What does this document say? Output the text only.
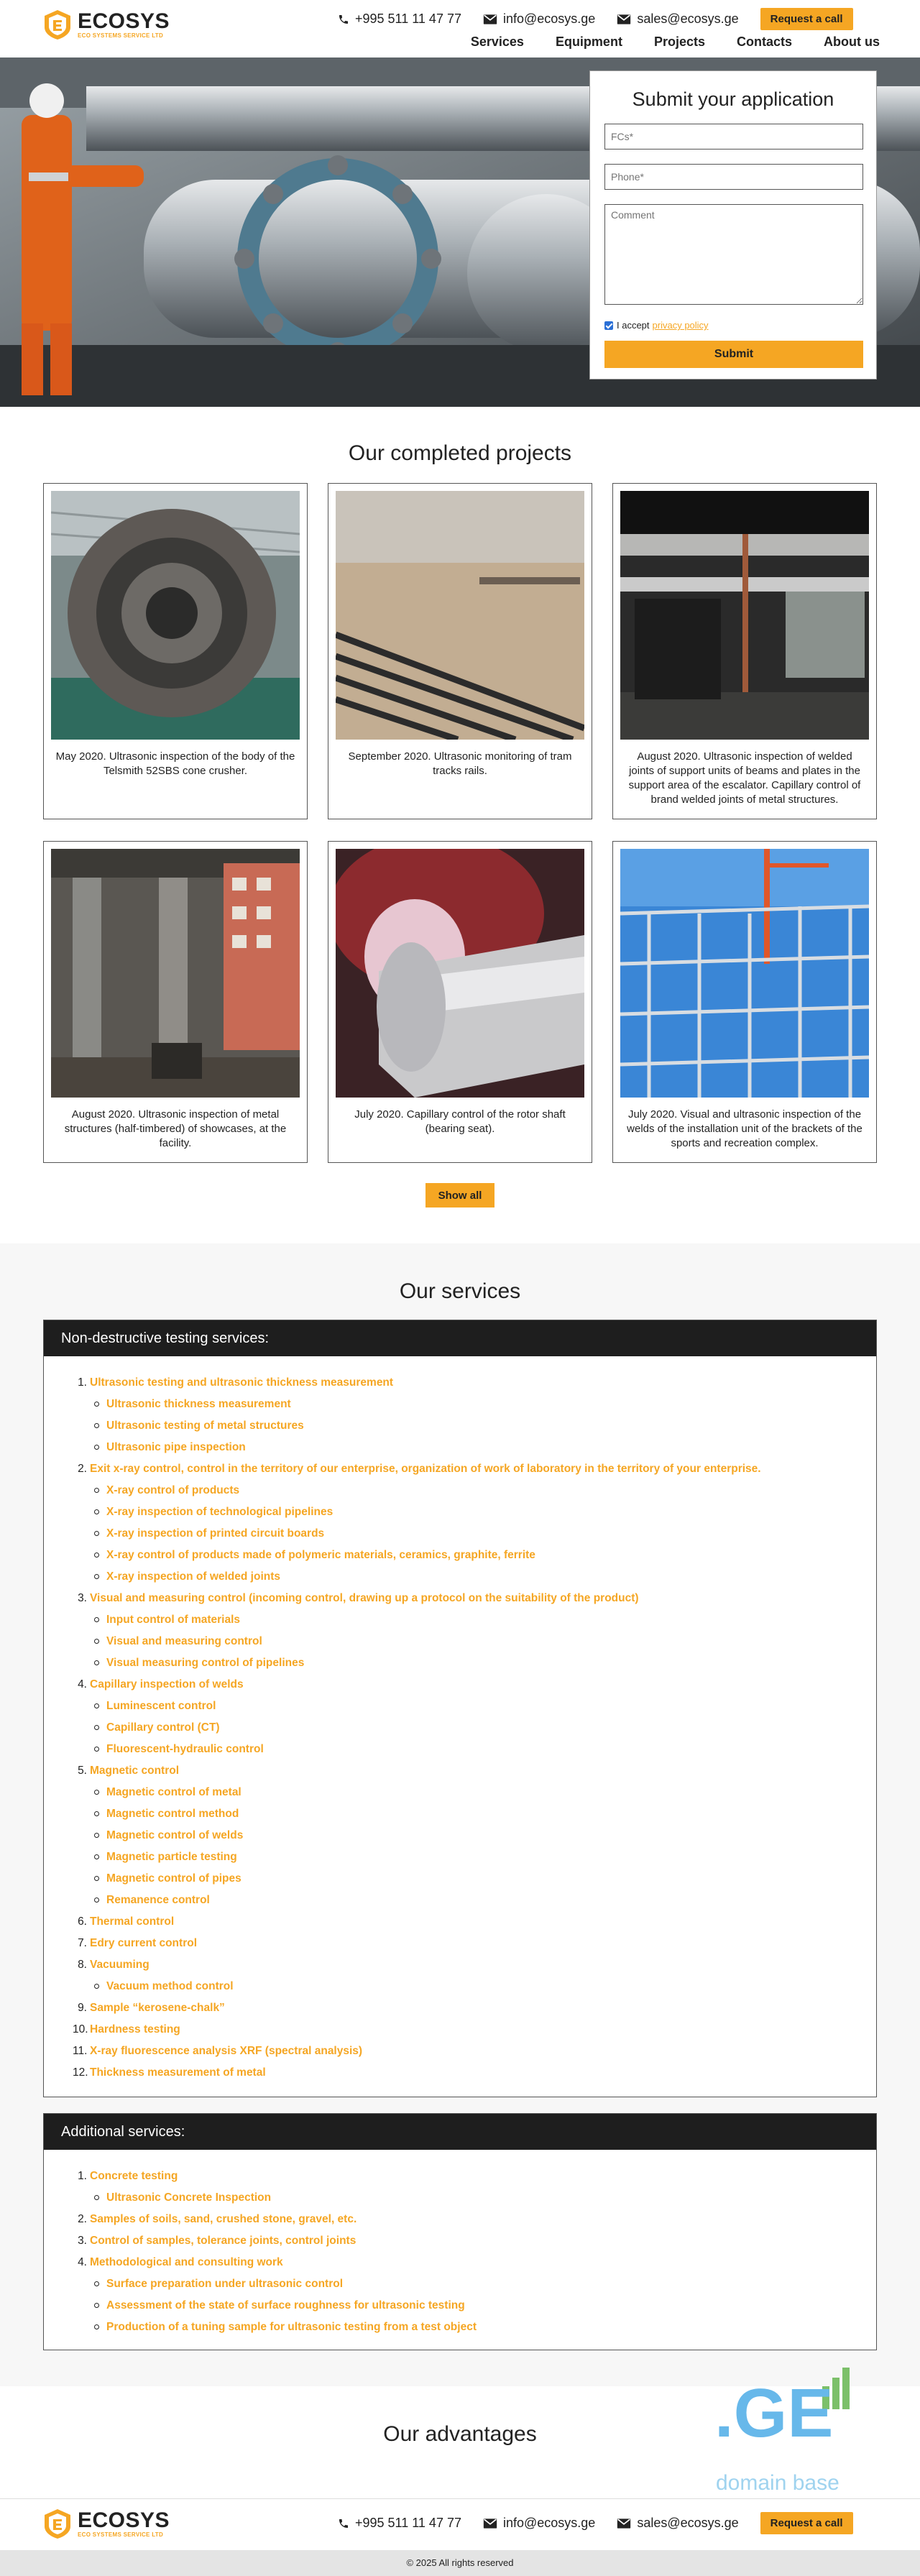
ECOSYS
ECO SYSTEMS SERVICE LTD
+995 511 11 47 77	info@ecosys.ge	sales@ecosys.ge	Request a call
Services Equipment Projects Contacts About us
Submit your application
FCs* Phone* Comment
I accept privacy policy
Submit
Our completed projects
May 2020. Ultrasonic inspection of the body of the Telsmith 52SBS cone crusher.
September 2020. Ultrasonic monitoring of tram tracks rails.
August 2020. Ultrasonic inspection of welded joints of support units of beams and plates in the support area of the escalator. Capillary control of brand welded joints of metal structures.
August 2020. Ultrasonic inspection of metal structures (half-timbered) of showcases, at the facility.
July 2020. Capillary control of the rotor shaft (bearing seat).
July 2020. Visual and ultrasonic inspection of the welds of the installation unit of the brackets of the sports and recreation complex.
Show all
Our services
Non-destructive testing services:
1. Ultrasonic testing and ultrasonic thickness measurement
Ultrasonic thickness measurement
Ultrasonic testing of metal structures
Ultrasonic pipe inspection
2. Exit x-ray control, control in the territory of our enterprise, organization of work of laboratory in the territory of your enterprise.
X-ray control of products
X-ray inspection of technological pipelines
X-ray inspection of printed circuit boards
X-ray control of products made of polymeric materials, ceramics, graphite, ferrite
X-ray inspection of welded joints
3. Visual and measuring control (incoming control, drawing up a protocol on the suitability of the product)
Input control of materials
Visual and measuring control
Visual measuring control of pipelines
4. Capillary inspection of welds
Luminescent control
Capillary control (CT)
Fluorescent-hydraulic control
5. Magnetic control
Magnetic control of metal
Magnetic control method
Magnetic control of welds
Magnetic particle testing
Magnetic control of pipes
Remanence control
6. Thermal control
7. Edry current control
8. Vacuuming
Vacuum method control
9. Sample “kerosene-chalk”
10. Hardness testing
11. X-ray fluorescence analysis XRF (spectral analysis)
12. Thickness measurement of metal
Additional services:
1. Concrete testing
Ultrasonic Concrete Inspection
2. Samples of soils, sand, crushed stone, gravel, etc.
3. Control of samples, tolerance joints, control joints
4. Methodological and consulting work
Surface preparation under ultrasonic control
Assessment of the state of surface roughness for ultrasonic testing
Production of a tuning sample for ultrasonic testing from a test object
Our advantages	.GE
domain base
ECOSYS
ECO SYSTEMS SERVICE LTD
+995 511 11 47 77	info@ecosys.ge	sales@ecosys.ge	Request a call
© 2025 All rights reserved
